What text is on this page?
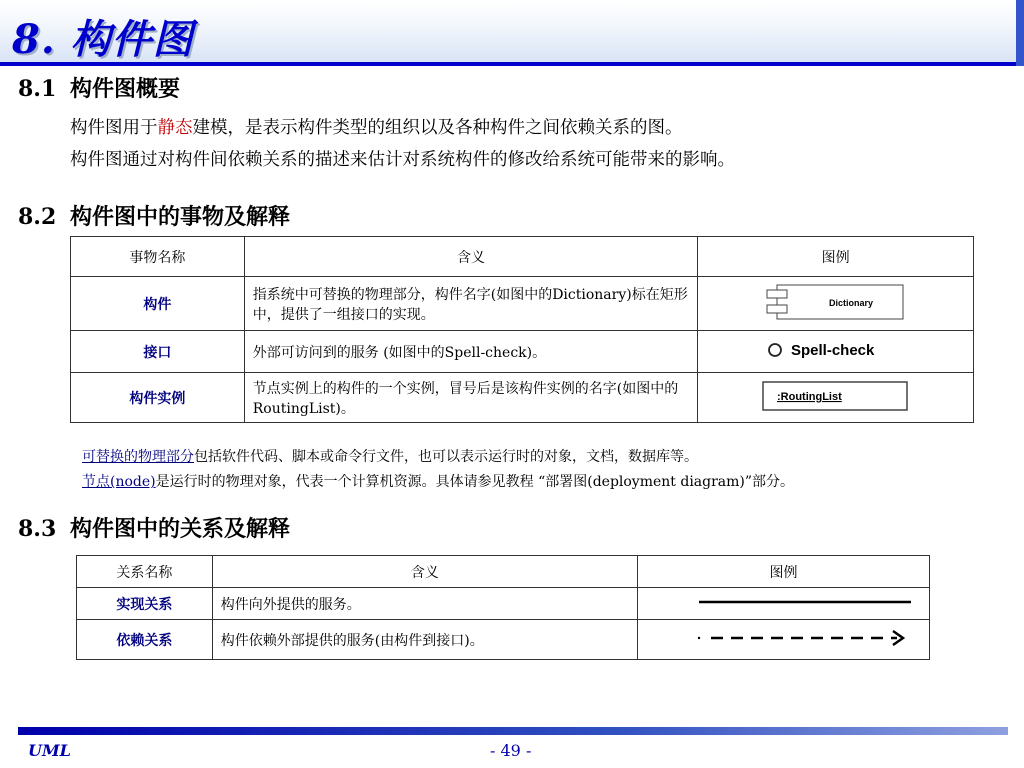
8. 构件图
8.1 构件图概要
构件图用于静态建模，是表示构件类型的组织以及各种构件之间依赖关系的图。
构件图通过对构件间依赖关系的描述来估计对系统构件的修改给系统可能带来的影响。
8.2 构件图中的事物及解释
事物名称	含义	图例
构件	指系统中可替换的物理部分，构件名字(如图中的Dictionary)标在矩形中，提供了一组接口的实现。	Dictionary

接口	外部可访问到的服务 (如图中的Spell-check)。	Spell-check

构件实例	节点实例上的构件的一个实例，冒号后是该构件实例的名字(如图中的RoutingList)。	:RoutingList
可替换的物理部分包括软件代码、脚本或命令行文件，也可以表示运行时的对象，文档，数据库等。
节点(node)是运行时的物理对象，代表一个计算机资源。具体请参见教程 “部署图(deployment diagram)”部分。
8.3 构件图中的关系及解释
关系名称	含义	图例
实现关系	构件向外提供的服务。	
依赖关系	构件依赖外部提供的服务(由构件到接口)。	
UML	- 49 -
